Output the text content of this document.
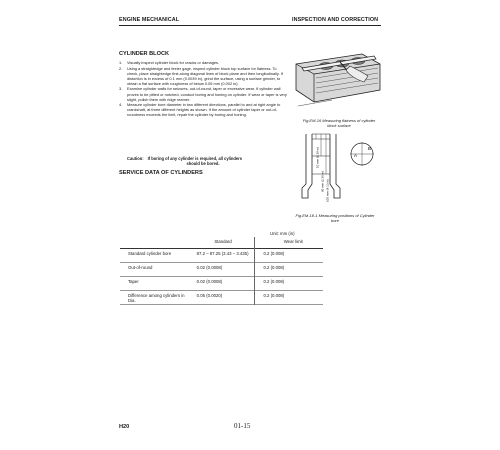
ENGINE MECHANICAL	INSPECTION AND CORRECTION
CYLINDER BLOCK
1.	Visually inspect cylinder block for cracks or damages.
2.	Using a straightedge and feeler gage, inspect cylinder block top surface for flatness. To check, place straightedge first along diagonal lines of block plane and then longitudinally. If distortion is in excess of 0.1 mm (0.0039 in), grind the surface, using a surface grinder, to obtain a flat surface with roughness of below 0.05 mm (0.002 in).
3.	Examine cylinder walls for seizures, out-of-round, taper or excessive wear. If cylinder wall proves to be pitted or notched, conduct boring and honing on cylinder. If wear or taper is very slight, polish them with ridge reamer.
4.	Measure cylinder bore diameter in two different directions, parallel to and at right angle to crankshaft, at three different heights as shown. If the amount of cylinder taper or out-of-roundness exceeds the limit, repair the cylinder by boring and honing.
Caution: If boring of any cylinder is required, all cylinders
should be bored.
SERVICE DATA OF CYLINDERS
Fig.EM-16 Measuring flatness of cylinder block surface
10 mm (0.39 in)
60 mm (2.36 in) 105 mm (4.13 in)
A
B
Fig.EM-18-1 Measuring positions of Cylinder bore
Unit: mm (in)
	Standard	Wear limit
Standard cylinder bore	87.2 – 87.25 (3.43 – 3.435)	0.2 (0.008)
Out-of-round	0.02 (0.0008)	0.2 (0.008)
Taper	0.02 (0.0008)	0.2 (0.008)
Difference among cylinders in Dia.	0.05 (0.0020)	0.2 (0.008)
H20	01-15
